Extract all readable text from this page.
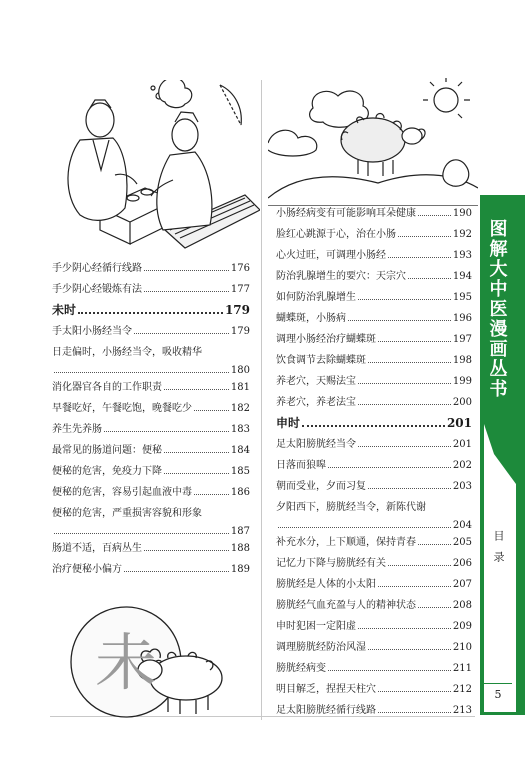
手少阴心经循行线路	176
手少阴心经锻炼有法	177
未时	179
手太阳小肠经当令	179
日走偏时，小肠经当令，吸收精华
180
消化器官各自的工作职责	181
早餐吃好，午餐吃饱，晚餐吃少	182
养生先养肠	183
最常见的肠道问题：便秘	184
便秘的危害，免疫力下降	185
便秘的危害，容易引起血液中毒	186
便秘的危害，严重损害容貌和形象
187
肠道不适，百病丛生	188
治疗便秘小偏方	189
未
小肠经病变有可能影响耳朵健康	190
脸红心跳源于心，治在小肠	192
心火过旺，可调理小肠经	193
防治乳腺增生的要穴：天宗穴	194
如何防治乳腺增生	195
蝴蝶斑，小肠病	196
调理小肠经治疗蝴蝶斑	197
饮食调节去除蝴蝶斑	198
养老穴，天赐法宝	199
养老穴，养老法宝	200
申时	201
足太阳膀胱经当令	201
日落而狼嗥	202
朝而受业，夕而习复	203
夕阳西下，膀胱经当令，新陈代谢
204
补充水分，上下顺通，保持青春	205
记忆力下降与膀胱经有关	206
膀胱经是人体的小太阳	207
膀胱经气血充盈与人的精神状态	208
申时犯困一定阳虚	209
调理膀胱经防治风湿	210
膀胱经病变	211
明目解乏，捏捏天柱穴	212
足太阳膀胱经循行线路	213
图解大中医漫画丛书
目录
5
